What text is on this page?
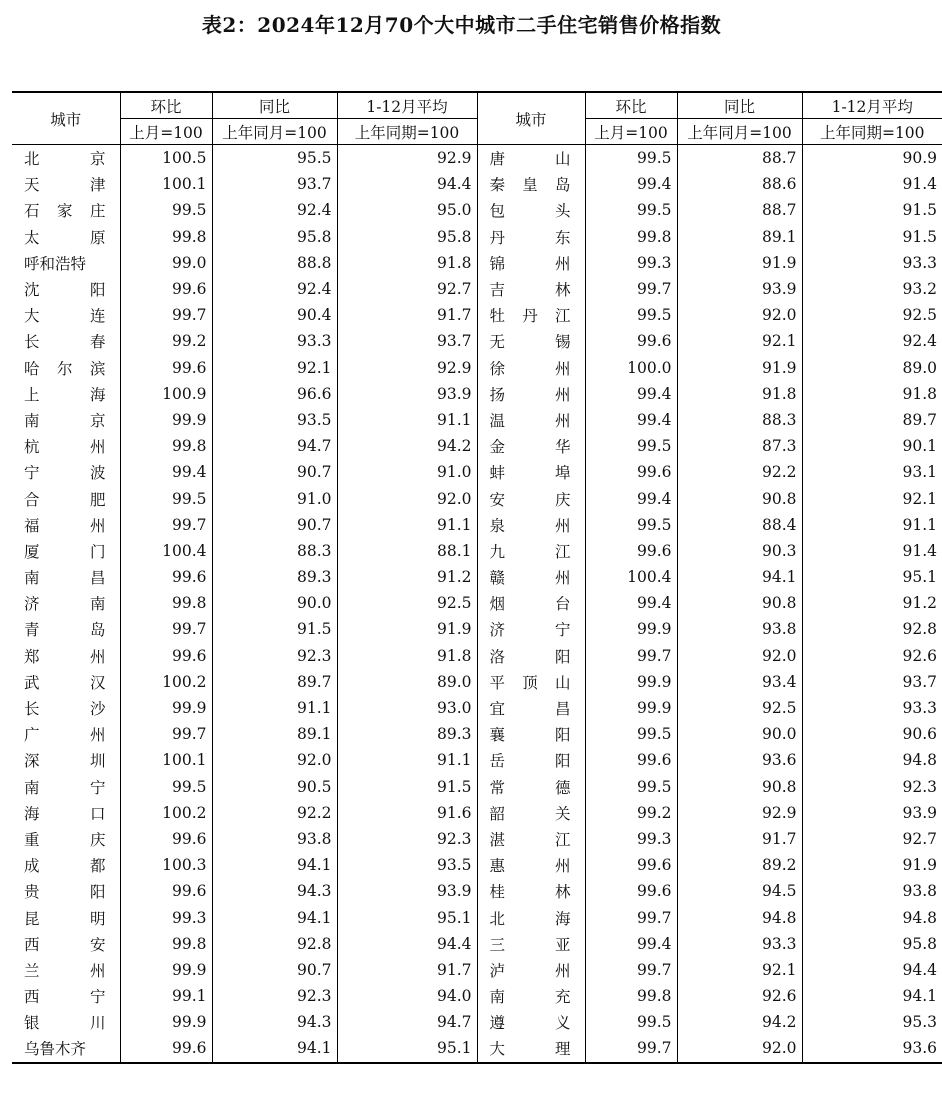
表2：2024年12月70个大中城市二手住宅销售价格指数
城市	环比	同比	1-12月平均	城市	环比	同比	1-12月平均
	上月=100	上年同月=100	上年同期=100		上月=100	上年同月=100	上年同期=100

北 京	100.5	95.5	92.9	唐 山	99.5	88.7	90.9

天 津	100.1	93.7	94.4	秦 皇 岛	99.4	88.6	91.4

石 家 庄	99.5	92.4	95.0	包 头	99.5	88.7	91.5

太 原	99.8	95.8	95.8	丹 东	99.8	89.1	91.5

呼和浩特	99.0	88.8	91.8	锦 州	99.3	91.9	93.3

沈 阳	99.6	92.4	92.7	吉 林	99.7	93.9	93.2

大 连	99.7	90.4	91.7	牡 丹 江	99.5	92.0	92.5

长 春	99.2	93.3	93.7	无 锡	99.6	92.1	92.4

哈 尔 滨	99.6	92.1	92.9	徐 州	100.0	91.9	89.0

上 海	100.9	96.6	93.9	扬 州	99.4	91.8	91.8

南 京	99.9	93.5	91.1	温 州	99.4	88.3	89.7

杭 州	99.8	94.7	94.2	金 华	99.5	87.3	90.1

宁 波	99.4	90.7	91.0	蚌 埠	99.6	92.2	93.1

合 肥	99.5	91.0	92.0	安 庆	99.4	90.8	92.1

福 州	99.7	90.7	91.1	泉 州	99.5	88.4	91.1

厦 门	100.4	88.3	88.1	九 江	99.6	90.3	91.4

南 昌	99.6	89.3	91.2	赣 州	100.4	94.1	95.1

济 南	99.8	90.0	92.5	烟 台	99.4	90.8	91.2

青 岛	99.7	91.5	91.9	济 宁	99.9	93.8	92.8

郑 州	99.6	92.3	91.8	洛 阳	99.7	92.0	92.6

武 汉	100.2	89.7	89.0	平 顶 山	99.9	93.4	93.7

长 沙	99.9	91.1	93.0	宜 昌	99.9	92.5	93.3

广 州	99.7	89.1	89.3	襄 阳	99.5	90.0	90.6

深 圳	100.1	92.0	91.1	岳 阳	99.6	93.6	94.8

南 宁	99.5	90.5	91.5	常 德	99.5	90.8	92.3

海 口	100.2	92.2	91.6	韶 关	99.2	92.9	93.9

重 庆	99.6	93.8	92.3	湛 江	99.3	91.7	92.7

成 都	100.3	94.1	93.5	惠 州	99.6	89.2	91.9

贵 阳	99.6	94.3	93.9	桂 林	99.6	94.5	93.8

昆 明	99.3	94.1	95.1	北 海	99.7	94.8	94.8

西 安	99.8	92.8	94.4	三 亚	99.4	93.3	95.8

兰 州	99.9	90.7	91.7	泸 州	99.7	92.1	94.4

西 宁	99.1	92.3	94.0	南 充	99.8	92.6	94.1

银 川	99.9	94.3	94.7	遵 义	99.5	94.2	95.3

乌鲁木齐	99.6	94.1	95.1	大 理	99.7	92.0	93.6
